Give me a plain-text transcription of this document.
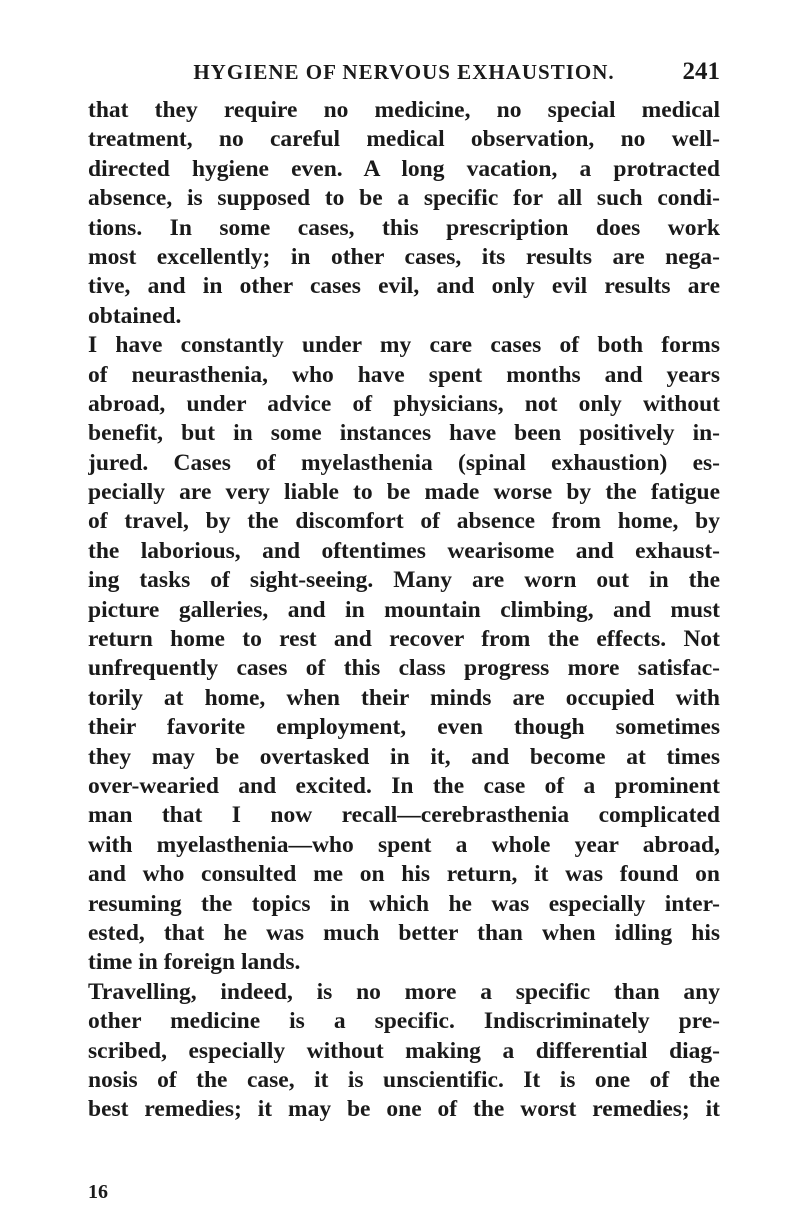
HYGIENE OF NERVOUS EXHAUSTION.	241
that they require no medicine, no special medical
treatment, no careful medical observation, no well-
directed hygiene even. A long vacation, a protracted
absence, is supposed to be a specific for all such condi-
tions. In some cases, this prescription does work
most excellently; in other cases, its results are nega-
tive, and in other cases evil, and only evil results are
obtained.
I have constantly under my care cases of both forms
of neurasthenia, who have spent months and years
abroad, under advice of physicians, not only without
benefit, but in some instances have been positively in-
jured. Cases of myelasthenia (spinal exhaustion) es-
pecially are very liable to be made worse by the fatigue
of travel, by the discomfort of absence from home, by
the laborious, and oftentimes wearisome and exhaust-
ing tasks of sight-seeing. Many are worn out in the
picture galleries, and in mountain climbing, and must
return home to rest and recover from the effects. Not
unfrequently cases of this class progress more satisfac-
torily at home, when their minds are occupied with
their favorite employment, even though sometimes
they may be overtasked in it, and become at times
over-wearied and excited. In the case of a prominent
man that I now recall—cerebrasthenia complicated
with myelasthenia—who spent a whole year abroad,
and who consulted me on his return, it was found on
resuming the topics in which he was especially inter-
ested, that he was much better than when idling his
time in foreign lands.
Travelling, indeed, is no more a specific than any
other medicine is a specific. Indiscriminately pre-
scribed, especially without making a differential diag-
nosis of the case, it is unscientific. It is one of the
best remedies; it may be one of the worst remedies; it
16
